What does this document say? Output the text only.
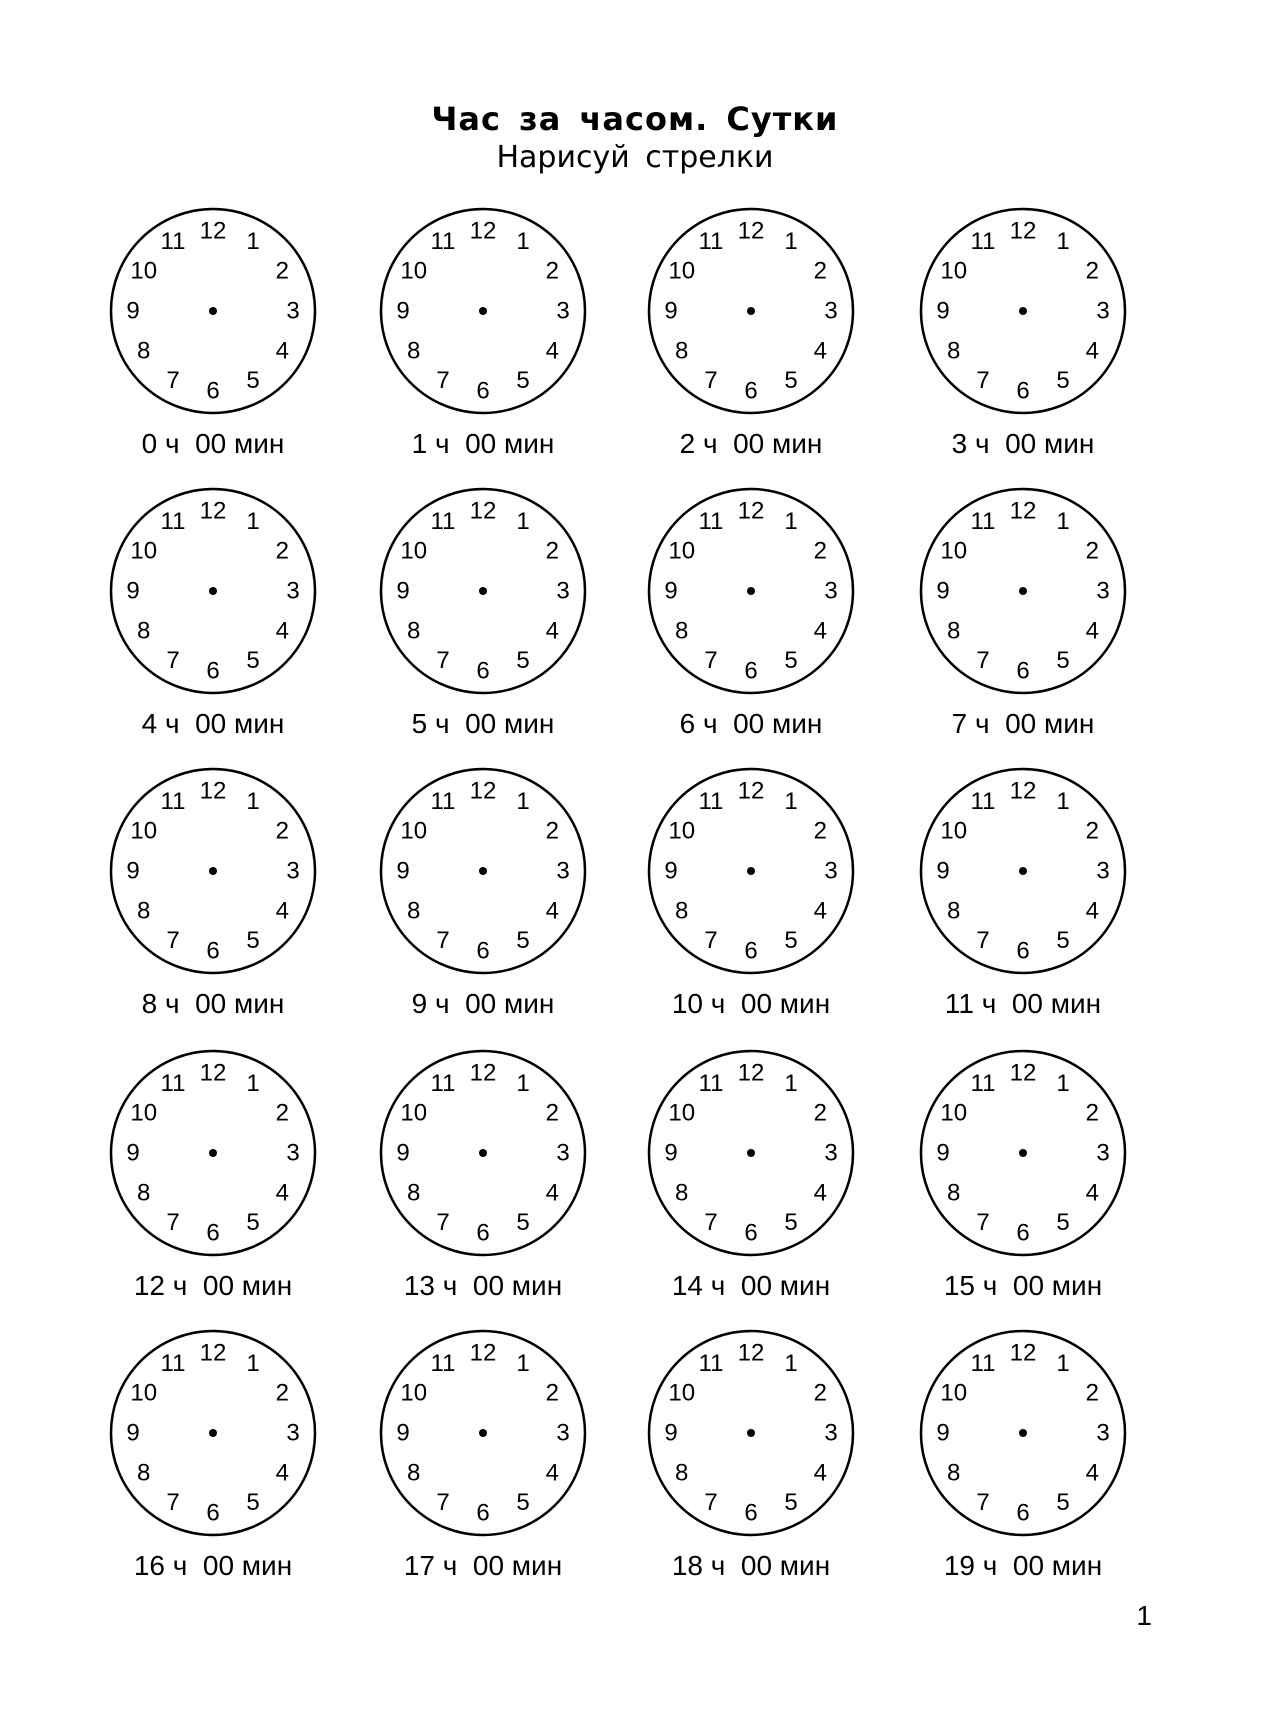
Час за часом. Сутки
Нарисуй стрелки
12 1
2
3
4
5
6
7
8
9
10
11
0 ч  00 мин
12 1
2
3
4
5
6
7
8
9
10
11
1 ч  00 мин
12 1
2
3
4
5
6
7
8
9
10
11
2 ч  00 мин
12 1
2
3
4
5
6
7
8
9
10
11
3 ч  00 мин
12 1
2
3
4
5
6
7
8
9
10
11
4 ч  00 мин
12 1
2
3
4
5
6
7
8
9
10
11
5 ч  00 мин
12 1
2
3
4
5
6
7
8
9
10
11
6 ч  00 мин
12 1
2
3
4
5
6
7
8
9
10
11
7 ч  00 мин
12 1
2
3
4
5
6
7
8
9
10
11
8 ч  00 мин
12 1
2
3
4
5
6
7
8
9
10
11
9 ч  00 мин
12 1
2
3
4
5
6
7
8
9
10
11
10 ч  00 мин
12 1
2
3
4
5
6
7
8
9
10
11
11 ч  00 мин
12 1
2
3
4
5
6
7
8
9
10
11
12 ч  00 мин
12 1
2
3
4
5
6
7
8
9
10
11
13 ч  00 мин
12 1
2
3
4
5
6
7
8
9
10
11
14 ч  00 мин
12 1
2
3
4
5
6
7
8
9
10
11
15 ч  00 мин
12 1
2
3
4
5
6
7
8
9
10
11
16 ч  00 мин
12 1
2
3
4
5
6
7
8
9
10
11
17 ч  00 мин
12 1
2
3
4
5
6
7
8
9
10
11
18 ч  00 мин
12 1
2
3
4
5
6
7
8
9
10
11
19 ч  00 мин
1
